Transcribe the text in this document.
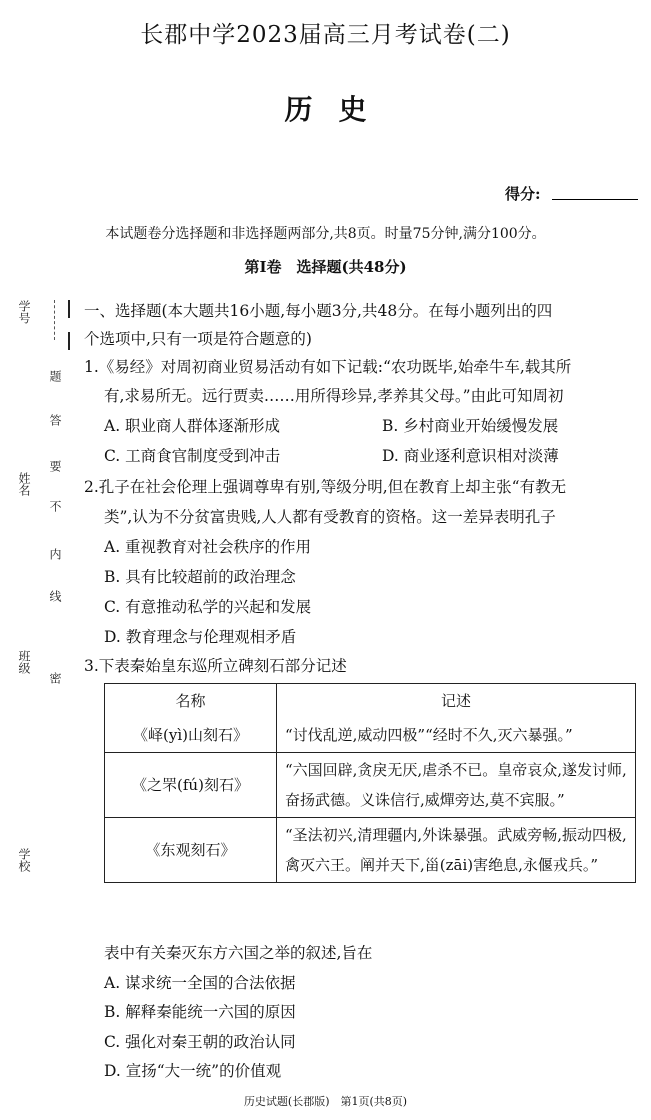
长郡中学2023届高三月考试卷(二)
历史
得分:
本试题卷分选择题和非选择题两部分,共8页。时量75分钟,满分100分。
第Ⅰ卷　选择题(共48分)
学号
姓名
班级
学校
密
线
内
不
要
答
题
一、选择题(本大题共16小题,每小题3分,共48分。在每小题列出的四
个选项中,只有一项是符合题意的)
1.《易经》对周初商业贸易活动有如下记载:“农功既毕,始牵牛车,载其所
有,求易所无。远行贾卖……用所得珍异,孝养其父母。”由此可知周初
A. 职业商人群体逐渐形成	B. 乡村商业开始缓慢发展
C. 工商食官制度受到冲击	D. 商业逐利意识相对淡薄
2.孔子在社会伦理上强调尊卑有别,等级分明,但在教育上却主张“有教无
类”,认为不分贫富贵贱,人人都有受教育的资格。这一差异表明孔子
A. 重视教育对社会秩序的作用
B. 具有比较超前的政治理念
C. 有意推动私学的兴起和发展
D. 教育理念与伦理观相矛盾
3.下表秦始皇东巡所立碑刻石部分记述
名称	记述
《峄(yì)山刻石》	“讨伐乱逆,威动四极”“经时不久,灭六暴强。”
《之罘(fú)刻石》	“六国回辟,贪戾无厌,虐杀不已。皇帝哀众,遂发讨师,奋扬武德。义诛信行,威燀旁达,莫不宾服。”
《东观刻石》	“圣法初兴,清理疆内,外诛暴强。武威旁畅,振动四极,禽灭六王。阐并天下,甾(zāi)害绝息,永偃戎兵。”
表中有关秦灭东方六国之举的叙述,旨在
A. 谋求统一全国的合法依据
B. 解释秦能统一六国的原因
C. 强化对秦王朝的政治认同
D. 宣扬“大一统”的价值观
历史试题(长郡版)　第1页(共8页)
